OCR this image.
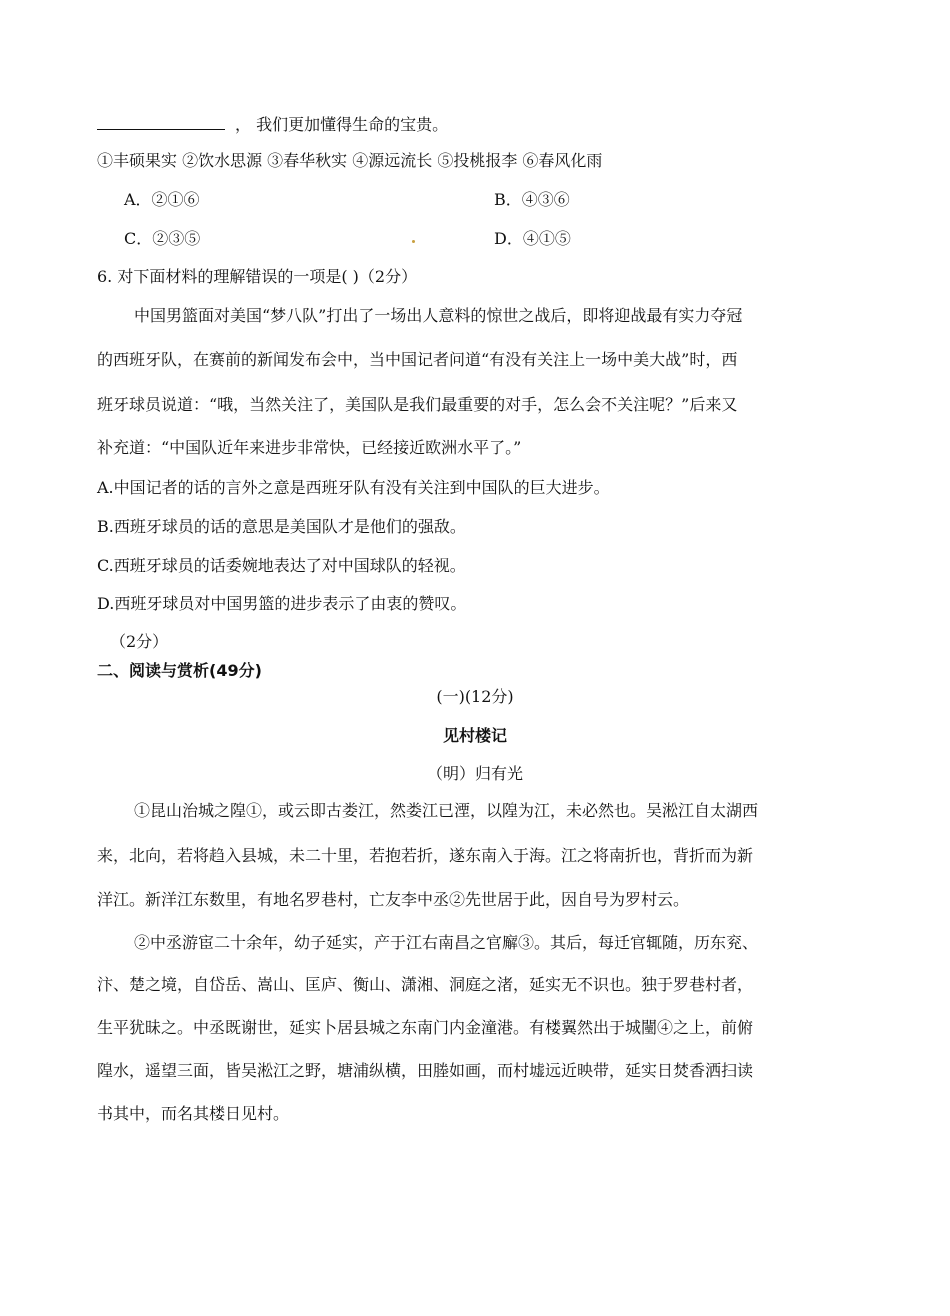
， 我们更加懂得生命的宝贵。
①丰硕果实 ②饮水思源 ③春华秋实 ④源远流长 ⑤投桃报李 ⑥春风化雨
A．②①⑥	B．④③⑥
C．②③⑤	D．④①⑤
6. 对下面材料的理解错误的一项是( )（2分）
中国男篮面对美国“梦八队”打出了一场出人意料的惊世之战后，即将迎战最有实力夺冠
的西班牙队，在赛前的新闻发布会中，当中国记者问道“有没有关注上一场中美大战”时，西
班牙球员说道：“哦，当然关注了，美国队是我们最重要的对手，怎么会不关注呢？”后来又
补充道：“中国队近年来进步非常快，已经接近欧洲水平了。”
A.中国记者的话的言外之意是西班牙队有没有关注到中国队的巨大进步。
B.西班牙球员的话的意思是美国队才是他们的强敌。
C.西班牙球员的话委婉地表达了对中国球队的轻视。
D.西班牙球员对中国男篮的进步表示了由衷的赞叹。
（2分）
二、阅读与赏析(49分)
(一)(12分)
见村楼记
（明）归有光
①昆山治城之隍①，或云即古娄江，然娄江已湮，以隍为江，未必然也。吴淞江自太湖西
来，北向，若将趋入县城，未二十里，若抱若折，遂东南入于海。江之将南折也，背折而为新
洋江。新洋江东数里，有地名罗巷村，亡友李中丞②先世居于此，因自号为罗村云。
②中丞游宦二十余年，幼子延实，产于江右南昌之官廨③。其后，每迁官辄随，历东兖、
汴、楚之境，自岱岳、嵩山、匡庐、衡山、潇湘、洞庭之渚，延实无不识也。独于罗巷村者，
生平犹昧之。中丞既谢世，延实卜居县城之东南门内金潼港。有楼翼然出于城闉④之上，前俯
隍水，遥望三面，皆吴淞江之野，塘浦纵横，田塍如画，而村墟远近映带，延实日焚香洒扫读
书其中，而名其楼日见村。
